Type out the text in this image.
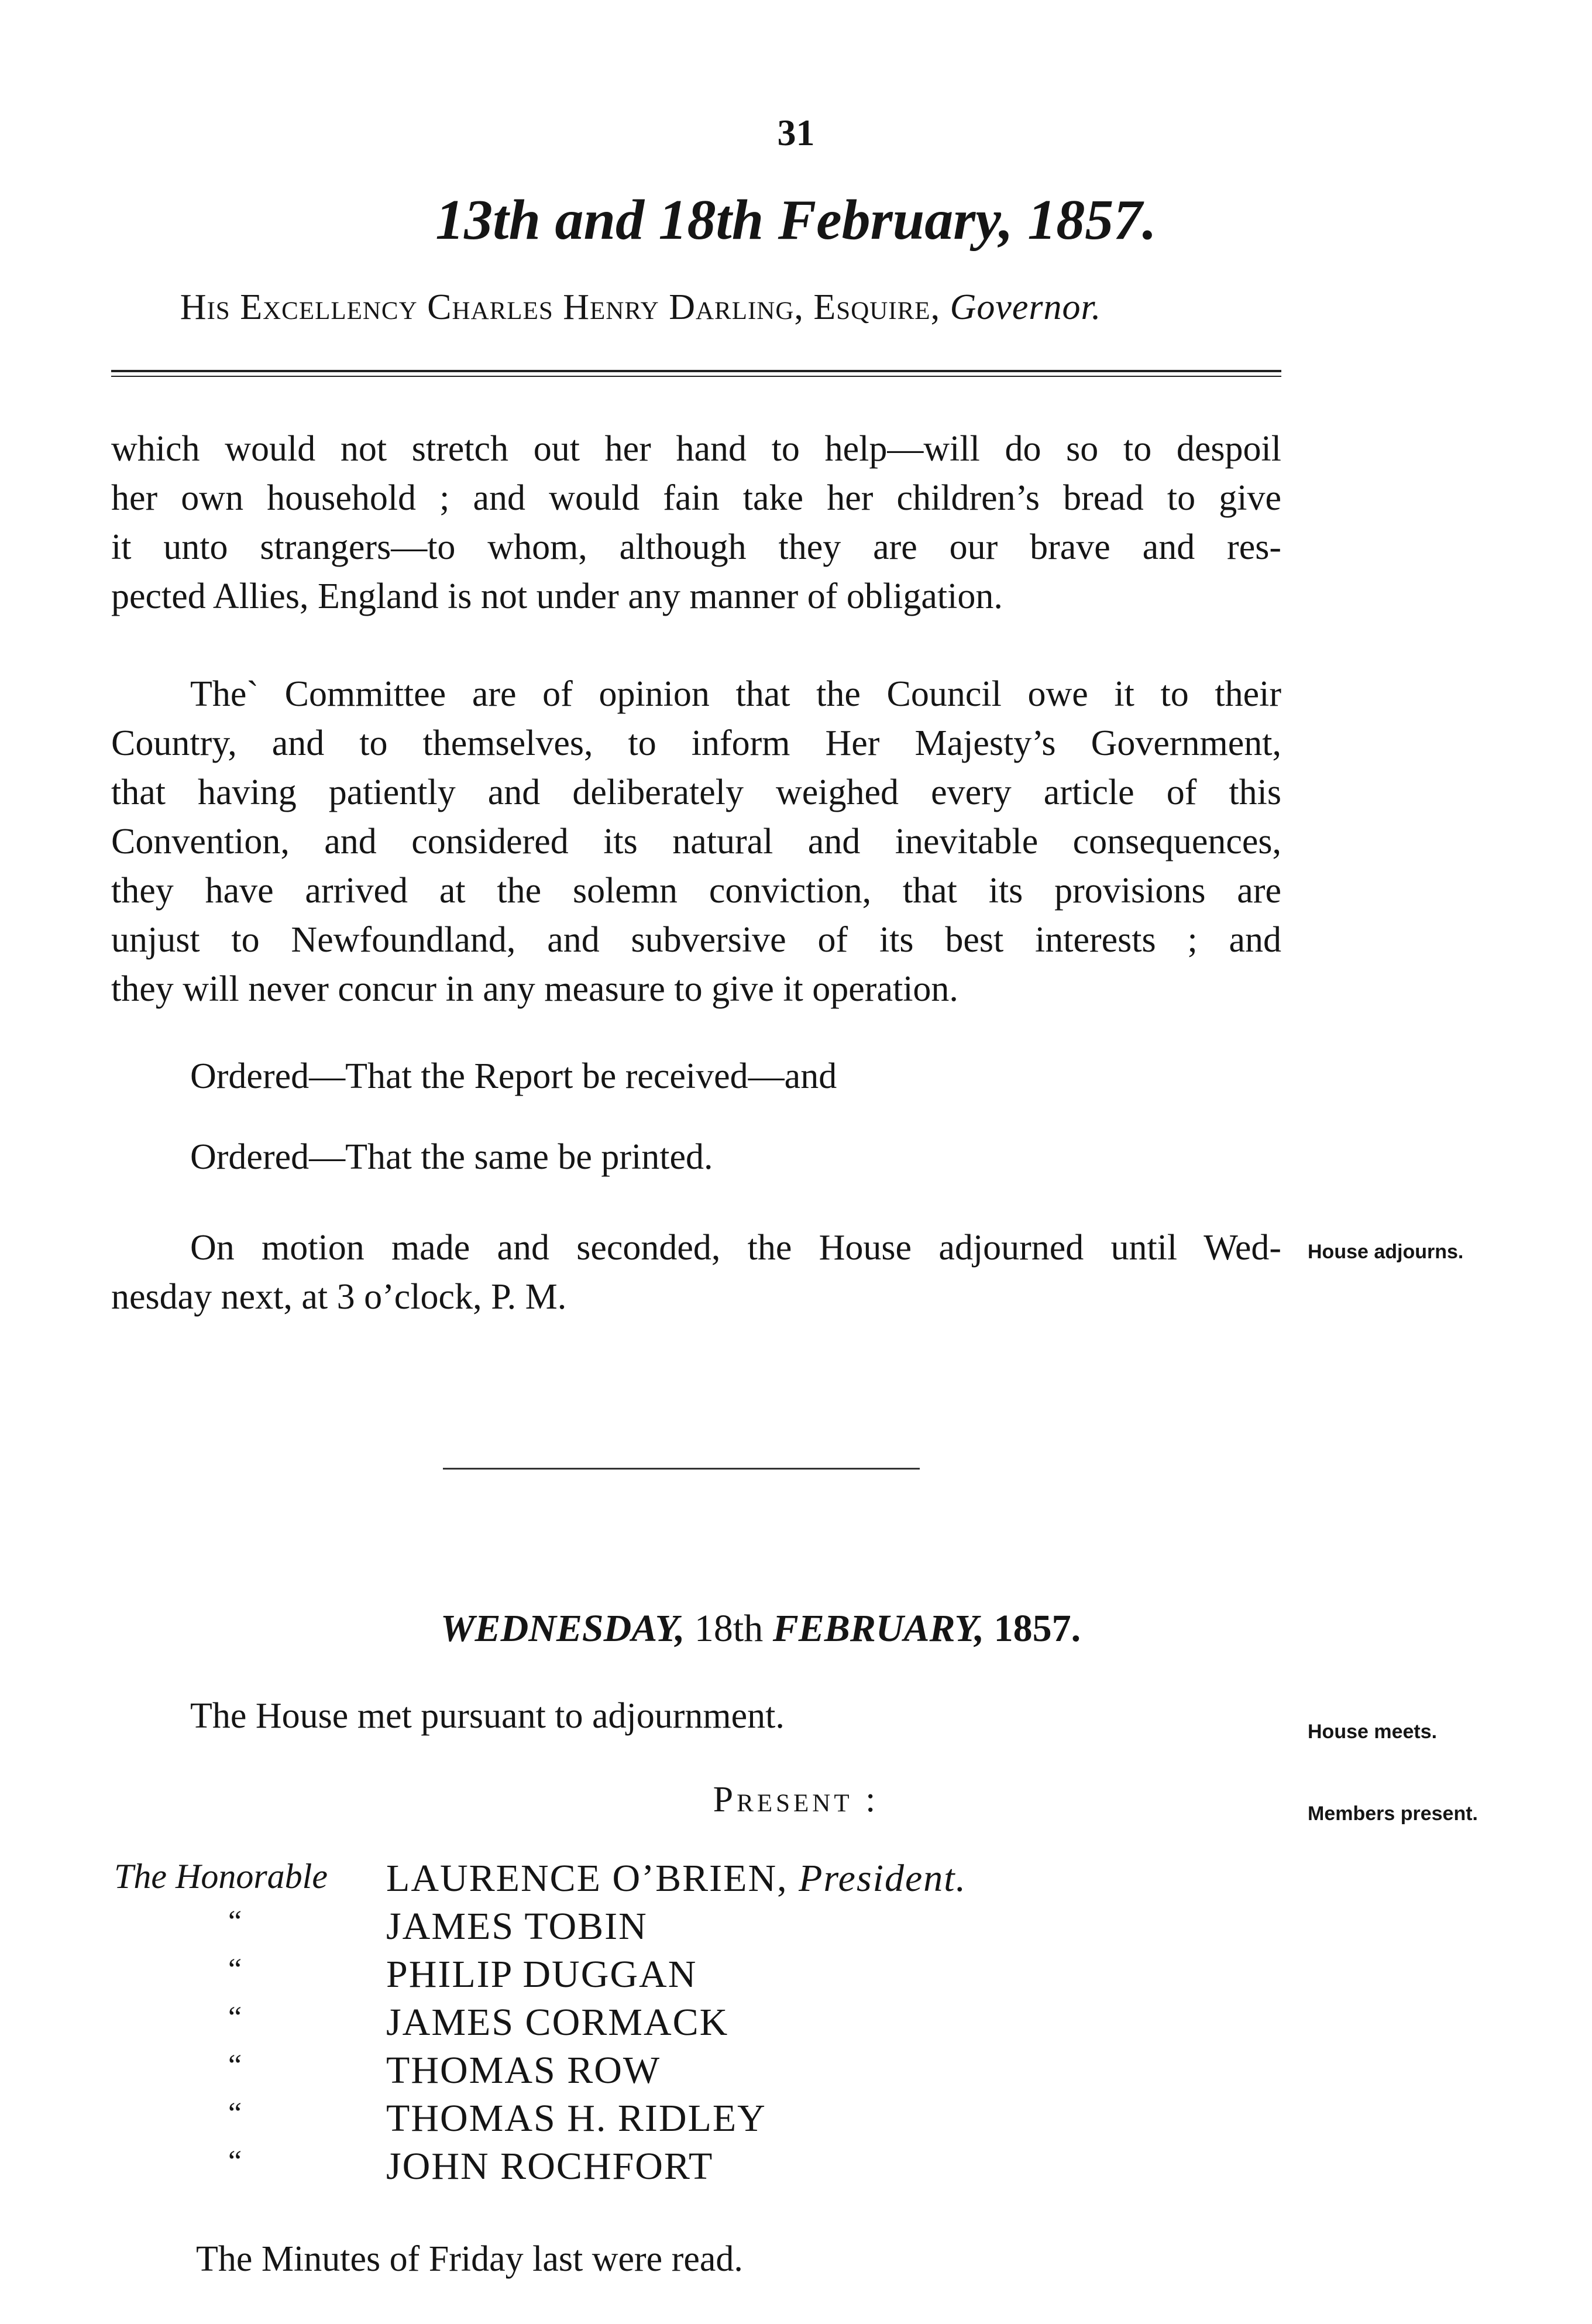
31
13th and 18th February, 1857.
His Excellency Charles Henry Darling, Esquire, Governor.
which would not stretch out her hand to help—will do so to despoil
her own household ; and would fain take her children’s bread to give
it unto strangers—to whom, although they are our brave and res-
pected Allies, England is not under any manner of obligation.
The` Committee are of opinion that the Council owe it to their
Country, and to themselves, to inform Her Majesty’s Government,
that having patiently and deliberately weighed every article of this
Convention, and considered its natural and inevitable consequences,
they have arrived at the solemn conviction, that its provisions are
unjust to Newfoundland, and subversive of its best interests ; and
they will never concur in any measure to give it operation.
Ordered—That the Report be received—and
Ordered—That the same be printed.
On motion made and seconded, the House adjourned until Wed-
nesday next, at 3 o’clock, P. M.
House adjourns.
WEDNESDAY, 18th FEBRUARY, 1857.
The House met pursuant to adjournment.	House meets.
Present :
The Honorable LAURENCE O’BRIEN, President.
“	JAMES TOBIN
“	PHILIP DUGGAN
“	JAMES CORMACK
“	THOMAS ROW
“	THOMAS H. RIDLEY
“	JOHN ROCHFORT
Members present.
The Minutes of Friday last were read.
